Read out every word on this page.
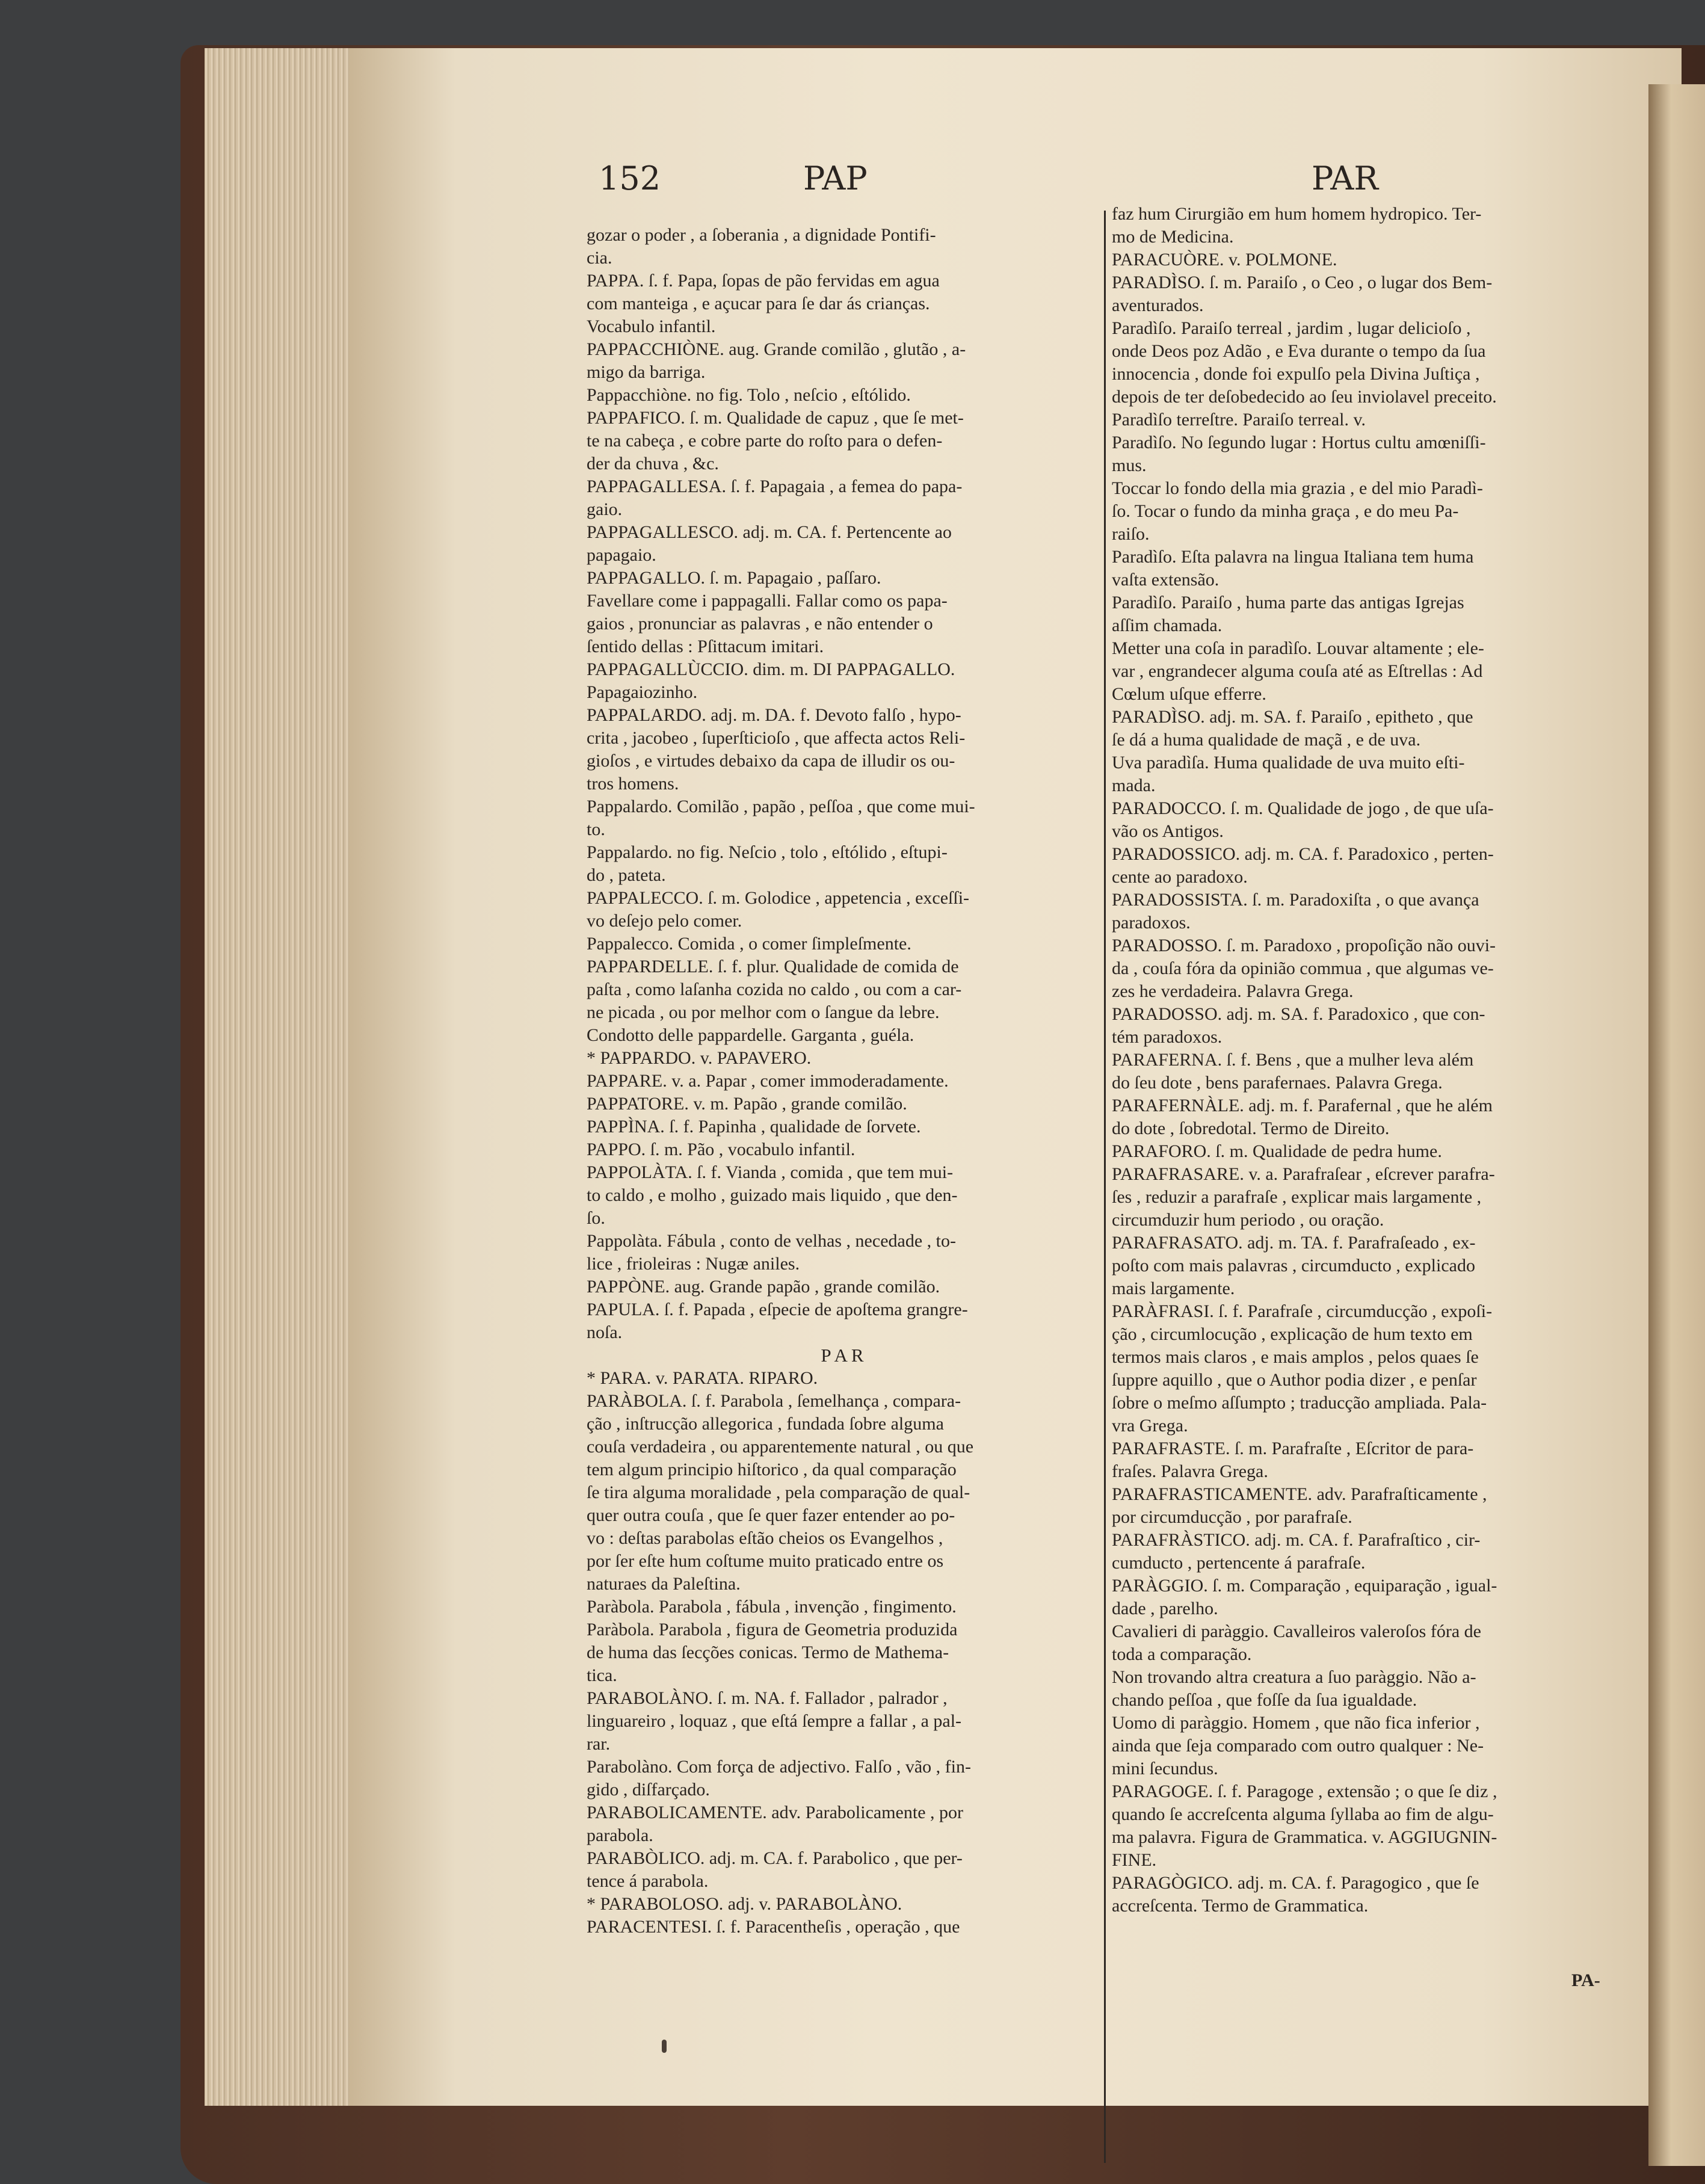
152	PAP	PAR

gozar o poder , a ſoberania , a dignidade Pontifi-

cia.

PAPPA. ſ. f. Papa, ſopas de pão fervidas em agua

com manteiga , e açucar para ſe dar ás crianças.

Vocabulo infantil.

PAPPACCHIÒNE. aug. Grande comilão , glutão , a-

migo da barriga.

Pappacchiòne. no fig. Tolo , neſcio , eſtólido.

PAPPAFICO. ſ. m. Qualidade de capuz , que ſe met-

te na cabeça , e cobre parte do roſto para o defen-

der da chuva , &c.

PAPPAGALLESA. ſ. f. Papagaia , a femea do papa-

gaio.

PAPPAGALLESCO. adj. m. CA. f. Pertencente ao

papagaio.

PAPPAGALLO. ſ. m. Papagaio , paſſaro.

Favellare come i pappagalli. Fallar como os papa-

gaios , pronunciar as palavras , e não entender o

ſentido dellas : Pſittacum imitari.

PAPPAGALLÙCCIO. dim. m. DI PAPPAGALLO.

Papagaiozinho.

PAPPALARDO. adj. m. DA. f. Devoto falſo , hypo-

crita , jacobeo , ſuperſticioſo , que affecta actos Reli-

gioſos , e virtudes debaixo da capa de illudir os ou-

tros homens.

Pappalardo. Comilão , papão , peſſoa , que come mui-

to.

Pappalardo. no fig. Neſcio , tolo , eſtólido , eſtupi-

do , pateta.

PAPPALECCO. ſ. m. Golodice , appetencia , exceſſi-

vo deſejo pelo comer.

Pappalecco. Comida , o comer ſimpleſmente.

PAPPARDELLE. ſ. f. plur. Qualidade de comida de

paſta , como laſanha cozida no caldo , ou com a car-

ne picada , ou por melhor com o ſangue da lebre.

Condotto delle pappardelle. Garganta , guéla.

* PAPPARDO. v. PAPAVERO.

PAPPARE. v. a. Papar , comer immoderadamente.

PAPPATORE. v. m. Papão , grande comilão.

PAPPÌNA. ſ. f. Papinha , qualidade de ſorvete.

PAPPO. ſ. m. Pão , vocabulo infantil.

PAPPOLÀTA. ſ. f. Vianda , comida , que tem mui-

to caldo , e molho , guizado mais liquido , que den-

ſo.

Pappolàta. Fábula , conto de velhas , necedade , to-

lice , frioleiras : Nugæ aniles.

PAPPÒNE. aug. Grande papão , grande comilão.

PAPULA. ſ. f. Papada , eſpecie de apoſtema grangre-

noſa.

P A R

* PARA. v. PARATA. RIPARO.

PARÀBOLA. ſ. f. Parabola , ſemelhança , compara-

ção , inſtrucção allegorica , fundada ſobre alguma

couſa verdadeira , ou apparentemente natural , ou que

tem algum principio hiſtorico , da qual comparação

ſe tira alguma moralidade , pela comparação de qual-

quer outra couſa , que ſe quer fazer entender ao po-

vo : deſtas parabolas eſtão cheios os Evangelhos ,

por ſer eſte hum coſtume muito praticado entre os

naturaes da Paleſtina.

Paràbola. Parabola , fábula , invenção , fingimento.

Paràbola. Parabola , figura de Geometria produzida

de huma das ſecções conicas. Termo de Mathema-

tica.

PARABOLÀNO. ſ. m. NA. f. Fallador , palrador ,

linguareiro , loquaz , que eſtá ſempre a fallar , a pal-

rar.

Parabolàno. Com força de adjectivo. Falſo , vão , fin-

gido , diſfarçado.

PARABOLICAMENTE. adv. Parabolicamente , por

parabola.

PARABÒLICO. adj. m. CA. f. Parabolico , que per-

tence á parabola.

* PARABOLOSO. adj. v. PARABOLÀNO.

PARACENTESI. ſ. f. Paracentheſis , operação , que

faz hum Cirurgião em hum homem hydropico. Ter-

mo de Medicina.

PARACUÒRE. v. POLMONE.

PARADÌSO. ſ. m. Paraiſo , o Ceo , o lugar dos Bem-

aventurados.

Paradìſo. Paraiſo terreal , jardim , lugar delicioſo ,

onde Deos poz Adão , e Eva durante o tempo da ſua

innocencia , donde foi expulſo pela Divina Juſtiça ,

depois de ter deſobedecido ao ſeu inviolavel preceito.

Paradìſo terreſtre. Paraiſo terreal. v.

Paradìſo. No ſegundo lugar : Hortus cultu amœniſſi-

mus.

Toccar lo fondo della mia grazia , e del mio Paradì-

ſo. Tocar o fundo da minha graça , e do meu Pa-

raiſo.

Paradìſo. Eſta palavra na lingua Italiana tem huma

vaſta extensão.

Paradìſo. Paraiſo , huma parte das antigas Igrejas

aſſim chamada.

Metter una coſa in paradìſo. Louvar altamente ; ele-

var , engrandecer alguma couſa até as Eſtrellas : Ad

Cœlum uſque efferre.

PARADÌSO. adj. m. SA. f. Paraiſo , epitheto , que

ſe dá a huma qualidade de maçã , e de uva.

Uva paradìſa. Huma qualidade de uva muito eſti-

mada.

PARADOCCO. ſ. m. Qualidade de jogo , de que uſa-

vão os Antigos.

PARADOSSICO. adj. m. CA. f. Paradoxico , perten-

cente ao paradoxo.

PARADOSSISTA. ſ. m. Paradoxiſta , o que avança

paradoxos.

PARADOSSO. ſ. m. Paradoxo , propoſição não ouvi-

da , couſa fóra da opinião commua , que algumas ve-

zes he verdadeira. Palavra Grega.

PARADOSSO. adj. m. SA. f. Paradoxico , que con-

tém paradoxos.

PARAFERNA. ſ. f. Bens , que a mulher leva além

do ſeu dote , bens parafernaes. Palavra Grega.

PARAFERNÀLE. adj. m. f. Parafernal , que he além

do dote , ſobredotal. Termo de Direito.

PARAFORO. ſ. m. Qualidade de pedra hume.

PARAFRASARE. v. a. Parafraſear , eſcrever parafra-

ſes , reduzir a parafraſe , explicar mais largamente ,

circumduzir hum periodo , ou oração.

PARAFRASATO. adj. m. TA. f. Parafraſeado , ex-

poſto com mais palavras , circumducto , explicado

mais largamente.

PARÀFRASI. ſ. f. Parafraſe , circumducção , expoſi-

ção , circumlocução , explicação de hum texto em

termos mais claros , e mais amplos , pelos quaes ſe

ſuppre aquillo , que o Author podia dizer , e penſar

ſobre o meſmo aſſumpto ; traducção ampliada. Pala-

vra Grega.

PARAFRASTE. ſ. m. Parafraſte , Eſcritor de para-

fraſes. Palavra Grega.

PARAFRASTICAMENTE. adv. Parafraſticamente ,

por circumducção , por parafraſe.

PARAFRÀSTICO. adj. m. CA. f. Parafraſtico , cir-

cumducto , pertencente á parafraſe.

PARÀGGIO. ſ. m. Comparação , equiparação , igual-

dade , parelho.

Cavalieri di paràggio. Cavalleiros valeroſos fóra de

toda a comparação.

Non trovando altra creatura a ſuo paràggio. Não a-

chando peſſoa , que foſſe da ſua igualdade.

Uomo di paràggio. Homem , que não fica inferior ,

ainda que ſeja comparado com outro qualquer : Ne-

mini ſecundus.

PARAGOGE. ſ. f. Paragoge , extensão ; o que ſe diz ,

quando ſe accreſcenta alguma ſyllaba ao fim de algu-

ma palavra. Figura de Grammatica. v. AGGIUGNIN-

FINE.

PARAGÒGICO. adj. m. CA. f. Paragogico , que ſe

accreſcenta. Termo de Grammatica.

PA-
